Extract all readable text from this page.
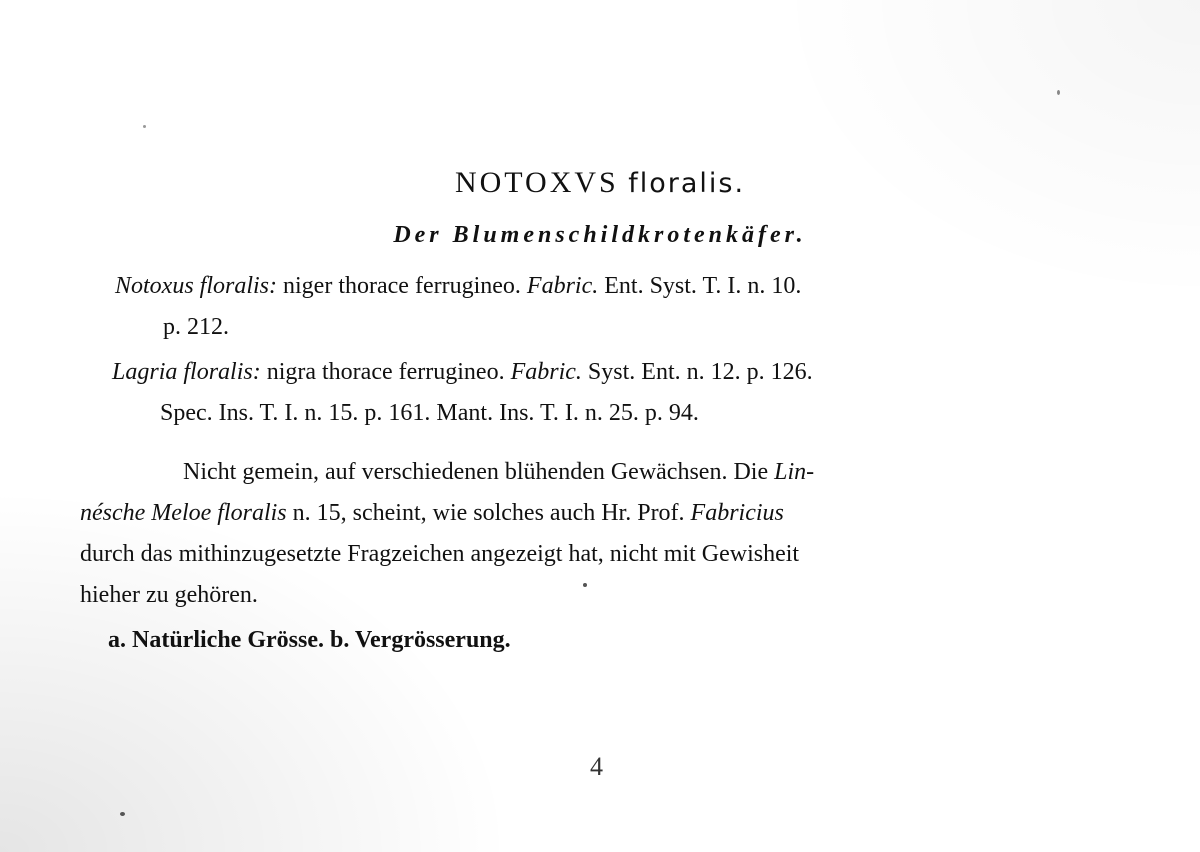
NOTOXVS floralis.
Der Blumenschildkrotenkäfer.

Notoxus floralis: niger thorace ferrugineo. Fabric. Ent. Syst. T. I. n. 10.
p. 212.

Lagria floralis: nigra thorace ferrugineo. Fabric. Syst. Ent. n. 12. p. 126.
Spec. Ins. T. I. n. 15. p. 161. Mant. Ins. T. I. n. 25. p. 94.

Nicht gemein, auf verschiedenen blühenden Gewächsen. Die Lin-
nésche Meloe floralis n. 15, scheint, wie solches auch Hr. Prof. Fabricius
durch das mithinzugesetzte Fragzeichen angezeigt hat, nicht mit Gewisheit
hieher zu gehören.

a. Natürliche Grösse. b. Vergrösserung.

4
